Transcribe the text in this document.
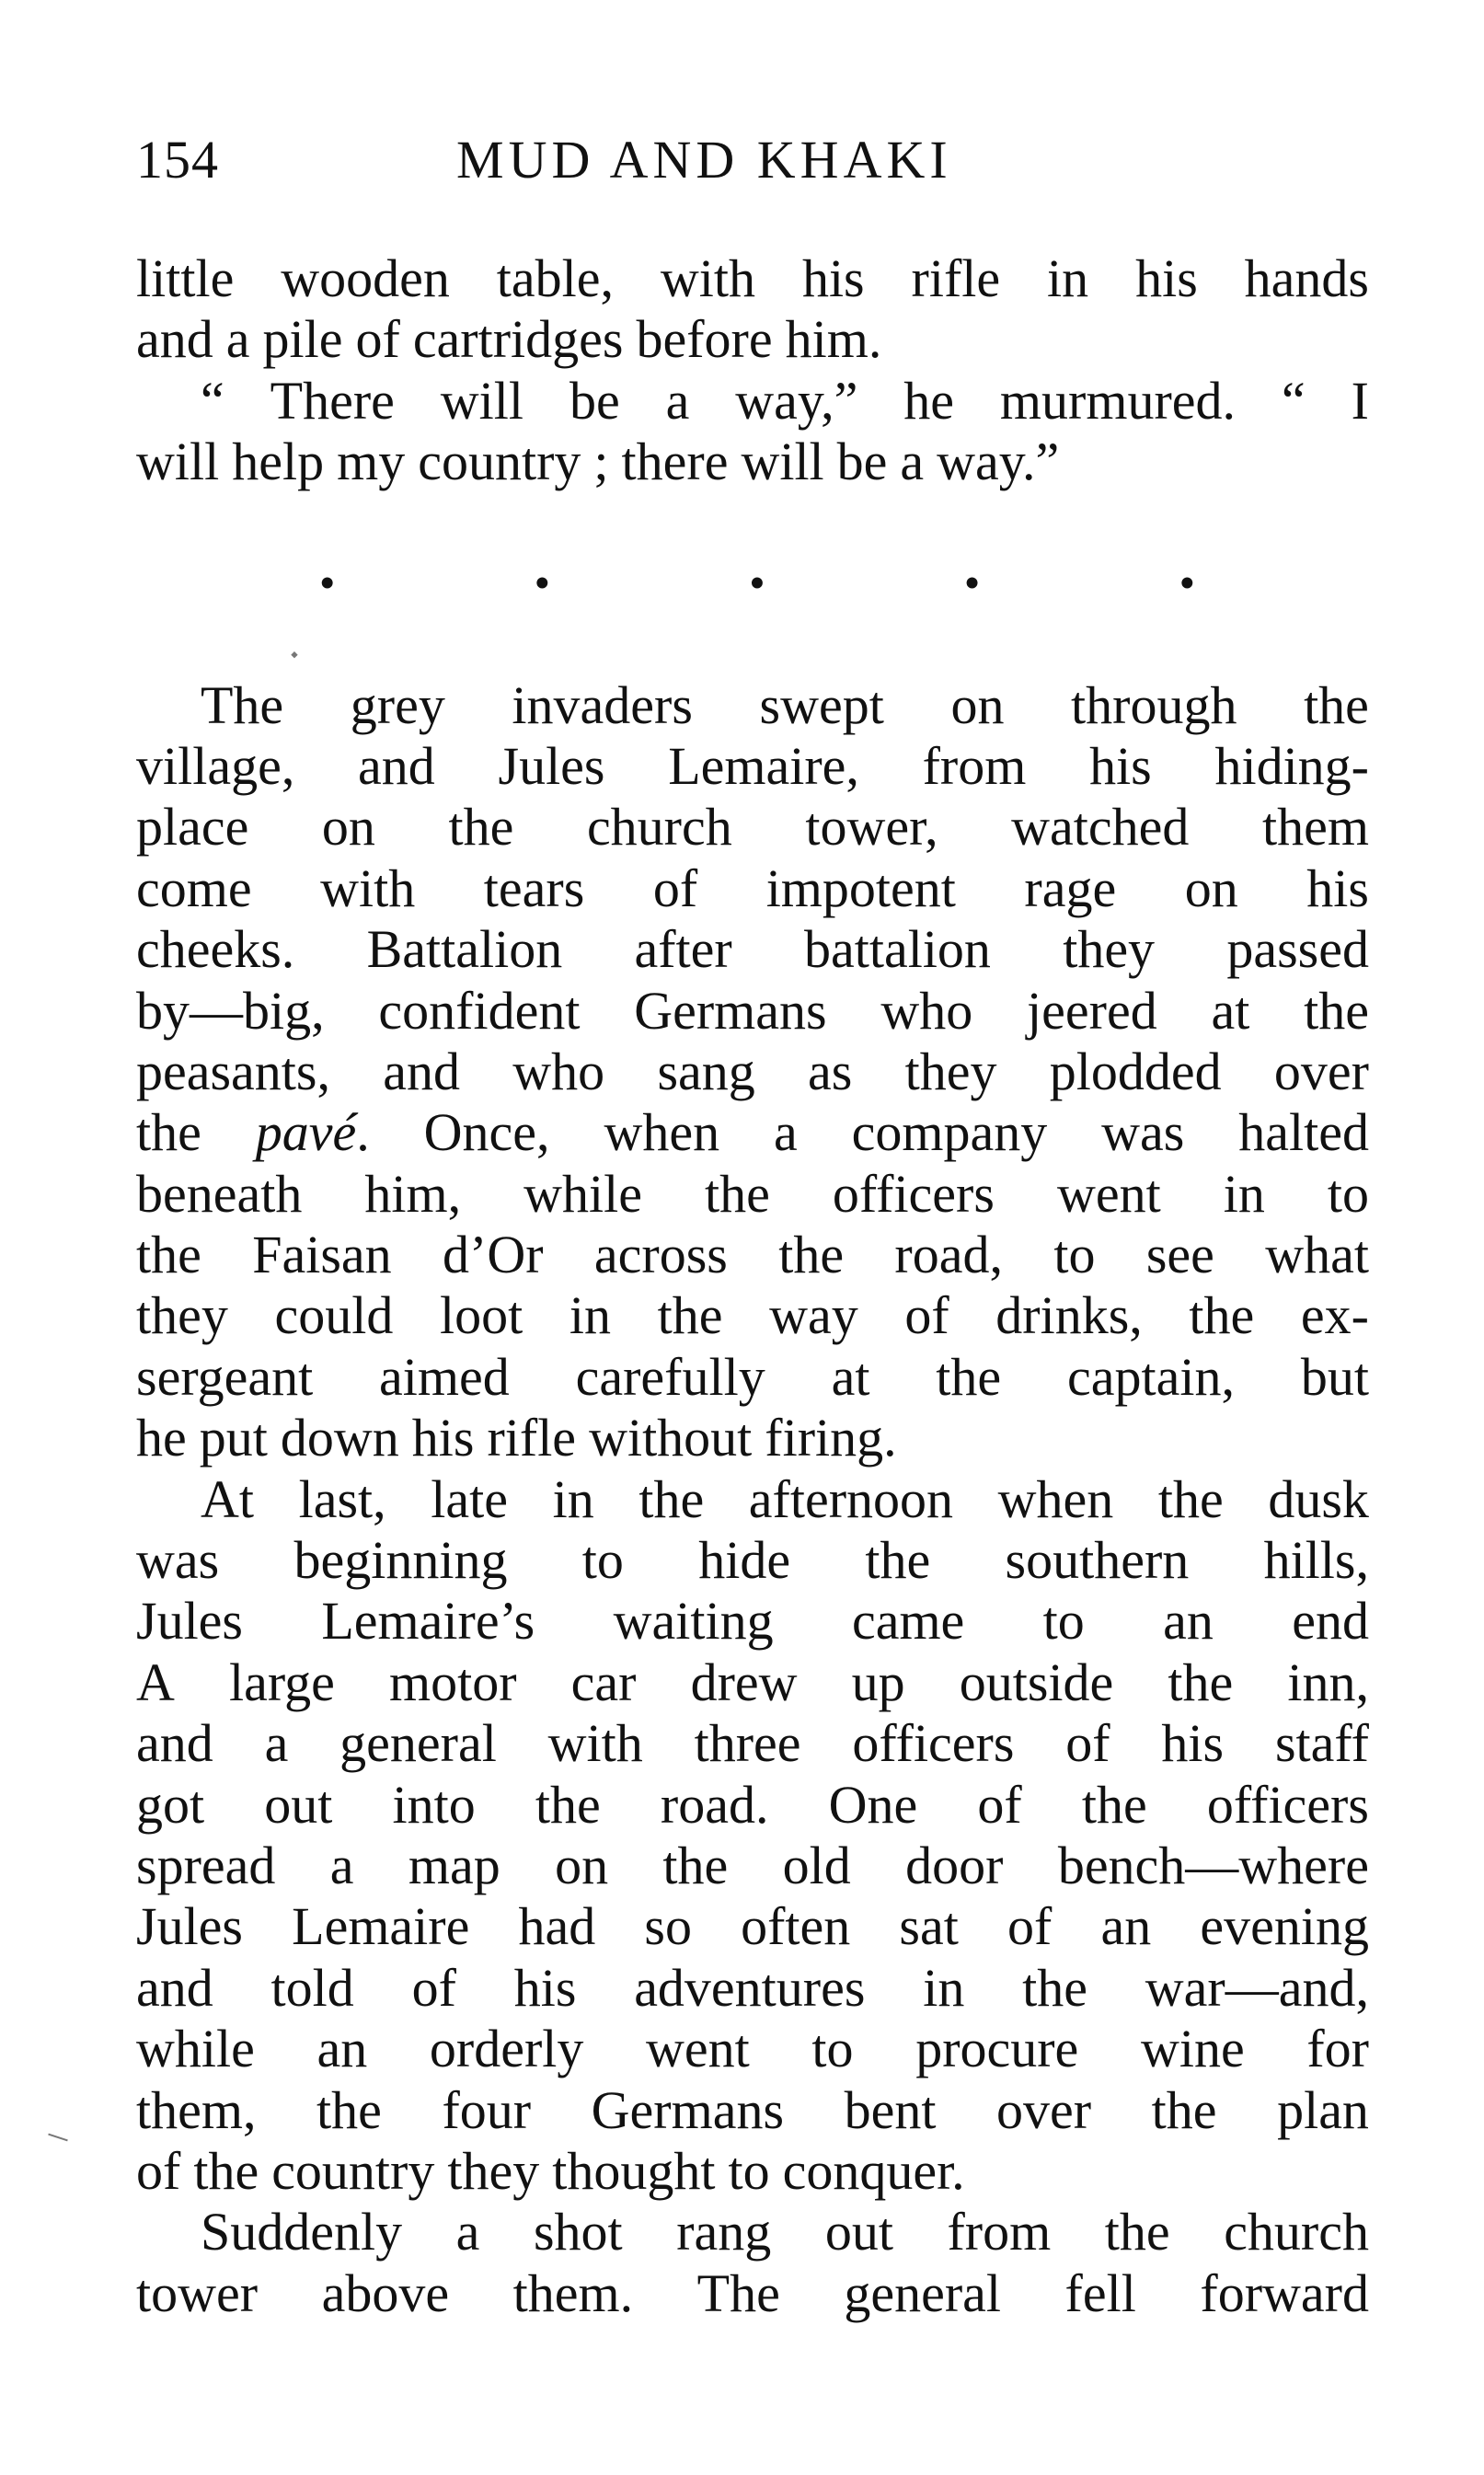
154	MUD AND KHAKI
little wooden table, with his rifle in his hands
and a pile of cartridges before him.
“ There will be a way,” he murmured. “ I
will help my country ; there will be a way.”
•	•	•	•	•
⬩
The grey invaders swept on through the
village, and Jules Lemaire, from his hiding-
place on the church tower, watched them
come with tears of impotent rage on his
cheeks. Battalion after battalion they passed
by—big, confident Germans who jeered at the
peasants, and who sang as they plodded over
the pavé. Once, when a company was halted
beneath him, while the officers went in to
the Faisan d’Or across the road, to see what
they could loot in the way of drinks, the ex-
sergeant aimed carefully at the captain, but
he put down his rifle without firing.
At last, late in the afternoon when the dusk
was beginning to hide the southern hills,
Jules Lemaire’s waiting came to an end
A large motor car drew up outside the inn,
and a general with three officers of his staff
got out into the road. One of the officers
spread a map on the old door bench—where
Jules Lemaire had so often sat of an evening
and told of his adventures in the war—and,
while an orderly went to procure wine for
them, the four Germans bent over the plan
of the country they thought to conquer.
Suddenly a shot rang out from the church
tower above them. The general fell forward
